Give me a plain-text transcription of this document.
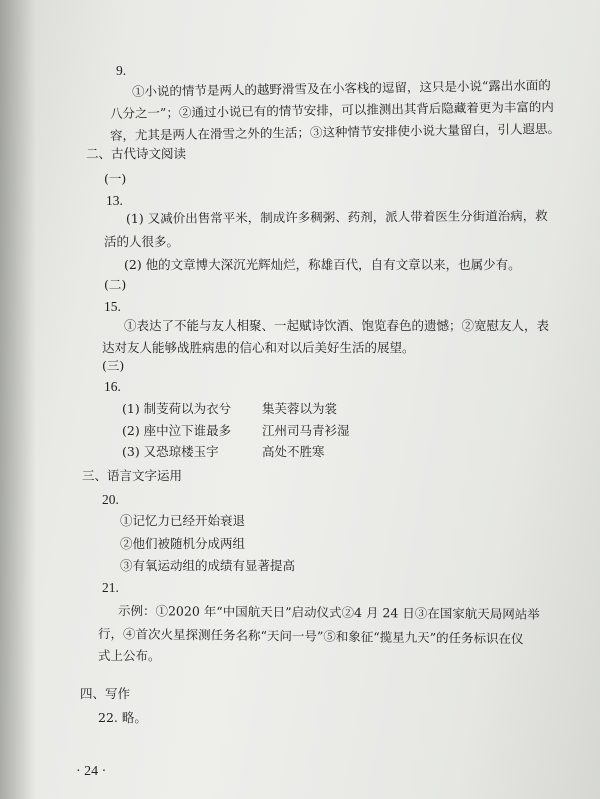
9.
①小说的情节是两人的越野滑雪及在小客栈的逗留，这只是小说“露出水面的
八分之一”；②通过小说已有的情节安排，可以推测出其背后隐藏着更为丰富的内
容，尤其是两人在滑雪之外的生活；③这种情节安排使小说大量留白，引人遐思。
二、古代诗文阅读
(一)
13.
(1) 又减价出售常平米，制成许多稠粥、药剂，派人带着医生分街道治病，救
活的人很多。
(2) 他的文章博大深沉光辉灿烂，称雄百代，自有文章以来，也属少有。
(二)
15.
①表达了不能与友人相聚、一起赋诗饮酒、饱览春色的遗憾；②宽慰友人，表
达对友人能够战胜病患的信心和对以后美好生活的展望。
(三)
16.
(1) 制芰荷以为衣兮 集芙蓉以为裳
(2) 座中泣下谁最多 江州司马青衫湿
(3) 又恐琼楼玉宇	高处不胜寒
三、语言文字运用
20.
①记忆力已经开始衰退
②他们被随机分成两组
③有氧运动组的成绩有显著提高
21.
示例：①2020 年“中国航天日”启动仪式②4 月 24 日③在国家航天局网站举
行，④首次火星探测任务名称“天问一号”⑤和象征“揽星九天”的任务标识在仪
式上公布。
四、写作
22. 略。
· 24 ·
